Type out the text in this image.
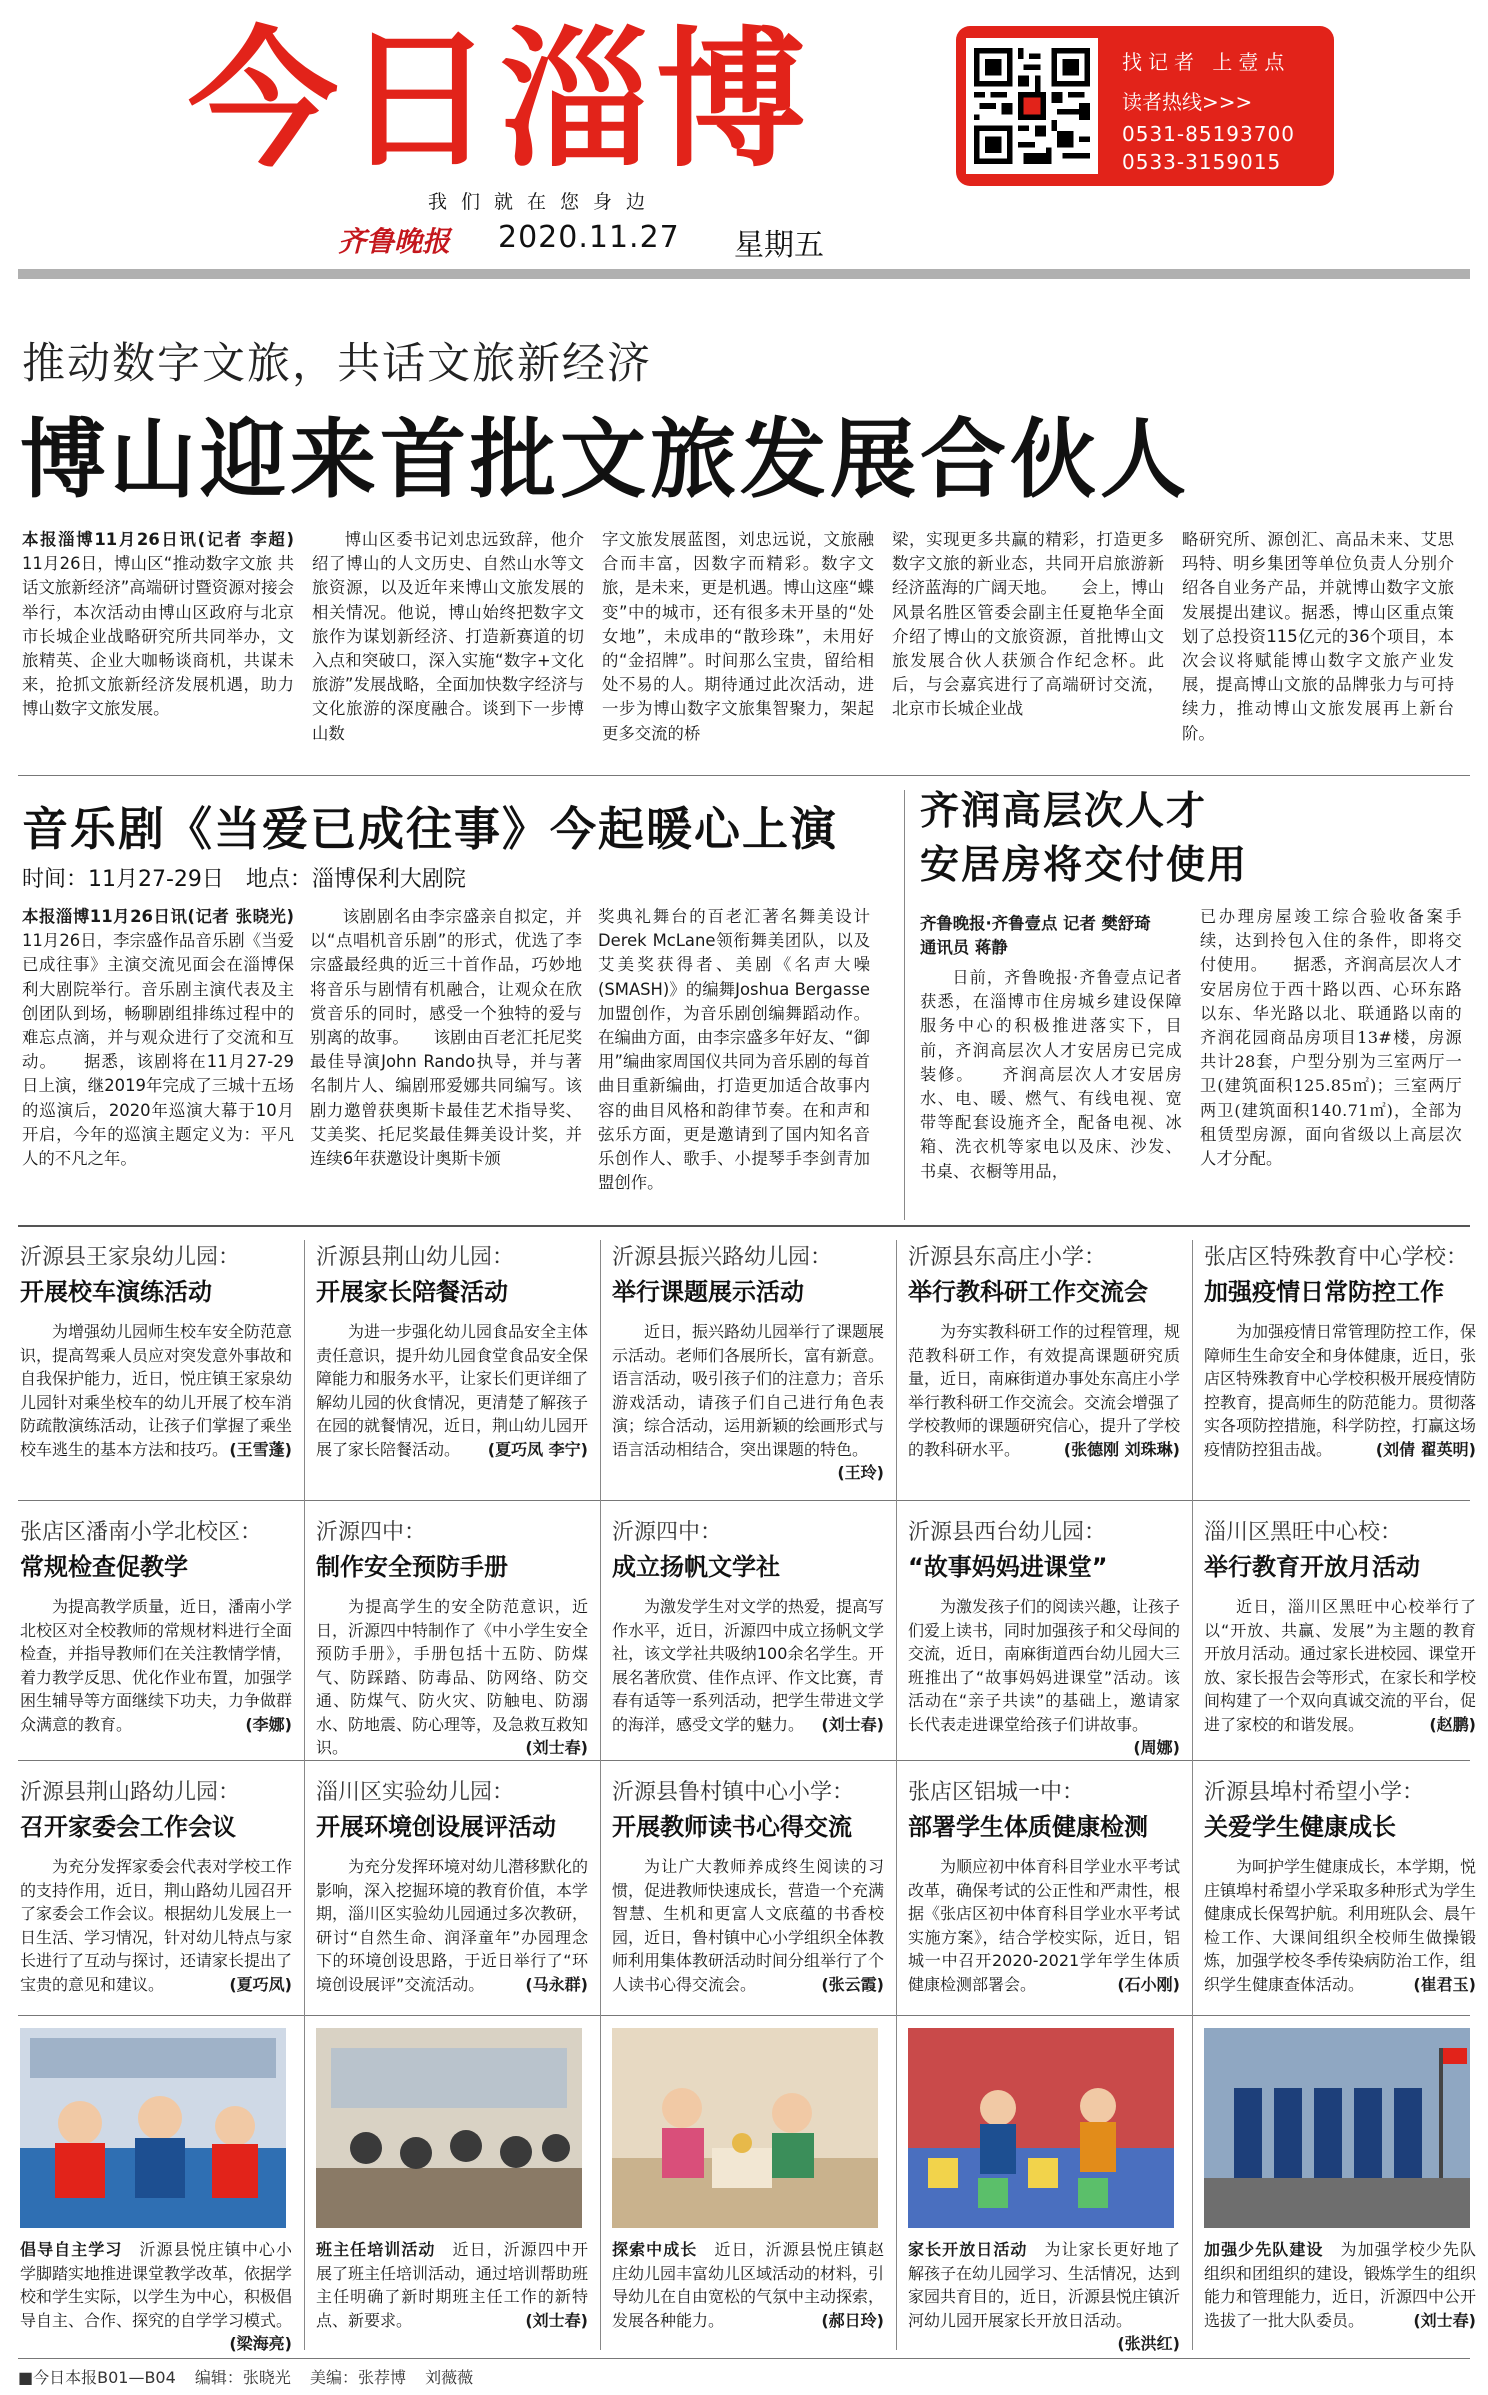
今日淄博
我们就在您身边
齐鲁晚报 2020.11.27 星期五
找记者 上壹点
读者热线>>>
0531-85193700
0533-3159015
推动数字文旅，共话文旅新经济
博山迎来首批文旅发展合伙人
本报淄博11月26日讯(记者 李超) 11月26日，博山区“推动数字文旅 共话文旅新经济”高端研讨暨资源对接会举行，本次活动由博山区政府与北京市长城企业战略研究所共同举办，文旅精英、企业大咖畅谈商机，共谋未来，抢抓文旅新经济发展机遇，助力博山数字文旅发展。
博山区委书记刘忠远致辞，他介绍了博山的人文历史、自然山水等文旅资源，以及近年来博山文旅发展的相关情况。他说，博山始终把数字文旅作为谋划新经济、打造新赛道的切入点和突破口，深入实施“数字+文化旅游”发展战略，全面加快数字经济与文化旅游的深度融合。谈到下一步博山数
字文旅发展蓝图，刘忠远说，文旅融合而丰富，因数字而精彩。数字文旅，是未来，更是机遇。博山这座“蝶变”中的城市，还有很多未开垦的“处女地”，未成串的“散珍珠”，未用好的“金招牌”。时间那么宝贵，留给相处不易的人。期待通过此次活动，进一步为博山数字文旅集智聚力，架起更多交流的桥
梁，实现更多共赢的精彩，打造更多数字文旅的新业态，共同开启旅游新经济蓝海的广阔天地。　　会上，博山风景名胜区管委会副主任夏艳华全面介绍了博山的文旅资源，首批博山文旅发展合伙人获颁合作纪念杯。此后，与会嘉宾进行了高端研讨交流，北京市长城企业战
略研究所、源创汇、高品未来、艾思玛特、明乡集团等单位负责人分别介绍各自业务产品，并就博山数字文旅发展提出建议。据悉，博山区重点策划了总投资115亿元的36个项目，本次会议将赋能博山数字文旅产业发展，提高博山文旅的品牌张力与可持续力，推动博山文旅发展再上新台阶。
音乐剧《当爱已成往事》今起暖心上演
时间：11月27-29日　地点：淄博保利大剧院
本报淄博11月26日讯(记者 张晓光) 11月26日，李宗盛作品音乐剧《当爱已成往事》主演交流见面会在淄博保利大剧院举行。音乐剧主演代表及主创团队到场，畅聊剧组排练过程中的难忘点滴，并与观众进行了交流和互动。　　据悉，该剧将在11月27-29日上演，继2019年完成了三城十五场的巡演后，2020年巡演大幕于10月开启，今年的巡演主题定义为：平凡人的不凡之年。
该剧剧名由李宗盛亲自拟定，并以“点唱机音乐剧”的形式，优选了李宗盛最经典的近三十首作品，巧妙地将音乐与剧情有机融合，让观众在欣赏音乐的同时，感受一个独特的爱与别离的故事。　　该剧由百老汇托尼奖最佳导演John Rando执导，并与著名制片人、编剧邢爱娜共同编写。该剧力邀曾获奥斯卡最佳艺术指导奖、艾美奖、托尼奖最佳舞美设计奖，并连续6年获邀设计奥斯卡颁
奖典礼舞台的百老汇著名舞美设计Derek McLane领衔舞美团队，以及艾美奖获得者、美剧《名声大噪(SMASH)》的编舞Joshua Bergasse加盟创作，为音乐剧创编舞蹈动作。在编曲方面，由李宗盛多年好友、“御用”编曲家周国仪共同为音乐剧的每首曲目重新编曲，打造更加适合故事内容的曲目风格和韵律节奏。在和声和弦乐方面，更是邀请到了国内知名音乐创作人、歌手、小提琴手李剑青加盟创作。
齐润高层次人才
安居房将交付使用
齐鲁晚报·齐鲁壹点 记者 樊舒琦 通讯员 蒋静
日前，齐鲁晚报·齐鲁壹点记者获悉，在淄博市住房城乡建设保障服务中心的积极推进落实下，目前，齐润高层次人才安居房已完成装修。　　齐润高层次人才安居房水、电、暖、燃气、有线电视、宽带等配套设施齐全，配备电视、冰箱、洗衣机等家电以及床、沙发、书桌、衣橱等用品，
已办理房屋竣工综合验收备案手续，达到拎包入住的条件，即将交付使用。　　据悉，齐润高层次人才安居房位于西十路以西、心环东路以东、华光路以北、联通路以南的齐润花园商品房项目13#楼，房源共计28套，户型分别为三室两厅一卫(建筑面积125.85㎡)；三室两厅两卫(建筑面积140.71㎡)，全部为租赁型房源，面向省级以上高层次人才分配。
沂源县王家泉幼儿园：
开展校车演练活动
为增强幼儿园师生校车安全防范意识，提高驾乘人员应对突发意外事故和自我保护能力，近日，悦庄镇王家泉幼儿园针对乘坐校车的幼儿开展了校车消防疏散演练活动，让孩子们掌握了乘坐校车逃生的基本方法和技巧。 (王雪蓬)
沂源县荆山幼儿园：
开展家长陪餐活动
为进一步强化幼儿园食品安全主体责任意识，提升幼儿园食堂食品安全保障能力和服务水平，让家长们更详细了解幼儿园的伙食情况，更清楚了解孩子在园的就餐情况，近日，荆山幼儿园开展了家长陪餐活动。 (夏巧凤 李宁)
沂源县振兴路幼儿园：
举行课题展示活动
近日，振兴路幼儿园举行了课题展示活动。老师们各展所长，富有新意。语言活动，吸引孩子们的注意力；音乐游戏活动，请孩子们自己进行角色表演；综合活动，运用新颖的绘画形式与语言活动相结合，突出课题的特色。
(王玲)
沂源县东高庄小学：
举行教科研工作交流会
为夯实教科研工作的过程管理，规范教科研工作，有效提高课题研究质量，近日，南麻街道办事处东高庄小学举行教科研工作交流会。交流会增强了学校教师的课题研究信心，提升了学校的教科研水平。	(张德刚 刘珠琳)
张店区特殊教育中心学校：
加强疫情日常防控工作
为加强疫情日常管理防控工作，保障师生生命安全和身体健康，近日，张店区特殊教育中心学校积极开展疫情防控教育，提高师生的防范能力。贯彻落实各项防控措施，科学防控，打赢这场疫情防控狙击战。	(刘倩 翟英明)
张店区潘南小学北校区：
常规检查促教学
为提高教学质量，近日，潘南小学北校区对全校教师的常规材料进行全面检查，并指导教师们在关注教情学情，着力教学反思、优化作业布置，加强学困生辅导等方面继续下功夫，力争做群众满意的教育。	(李娜)
沂源四中：
制作安全预防手册
为提高学生的安全防范意识，近日，沂源四中特制作了《中小学生安全预防手册》，手册包括十五防、防煤气、防踩踏、防毒品、防网络、防交通、防煤气、防火灾、防触电、防溺水、防地震、防心理等，及急救互救知识。	(刘士春)
沂源四中：
成立扬帆文学社
为激发学生对文学的热爱，提高写作水平，近日，沂源四中成立扬帆文学社，该文学社共吸纳100余名学生。开展名著欣赏、佳作点评、作文比赛，青春有适等一系列活动，把学生带进文学的海洋，感受文学的魅力。 (刘士春)
沂源县西台幼儿园：
“故事妈妈进课堂”
为激发孩子们的阅读兴趣，让孩子们爱上读书，同时加强孩子和父母间的交流，近日，南麻街道西台幼儿园大三班推出了“故事妈妈进课堂”活动。该活动在“亲子共读”的基础上，邀请家长代表走进课堂给孩子们讲故事。
(周娜)
淄川区黑旺中心校：
举行教育开放月活动
近日，淄川区黑旺中心校举行了以“开放、共赢、发展”为主题的教育开放月活动。通过家长进校园、课堂开放、家长报告会等形式，在家长和学校间构建了一个双向真诚交流的平台，促进了家校的和谐发展。	(赵鹏)
沂源县荆山路幼儿园：
召开家委会工作会议
为充分发挥家委会代表对学校工作的支持作用，近日，荆山路幼儿园召开了家委会工作会议。根据幼儿发展上一日生活、学习情况，针对幼儿特点与家长进行了互动与探讨，还请家长提出了宝贵的意见和建议。	(夏巧凤)
淄川区实验幼儿园：
开展环境创设展评活动
为充分发挥环境对幼儿潜移默化的影响，深入挖掘环境的教育价值，本学期，淄川区实验幼儿园通过多次教研，研讨“自然生命、润泽童年”办园理念下的环境创设思路，于近日举行了“环境创设展评”交流活动。	(马永群)
沂源县鲁村镇中心小学：
开展教师读书心得交流
为让广大教师养成终生阅读的习惯，促进教师快速成长，营造一个充满智慧、生机和更富人文底蕴的书香校园，近日，鲁村镇中心小学组织全体教师利用集体教研活动时间分组举行了个人读书心得交流会。	(张云霞)
张店区铝城一中：
部署学生体质健康检测
为顺应初中体育科目学业水平考试改革，确保考试的公正性和严肃性，根据《张店区初中体育科目学业水平考试实施方案》，结合学校实际，近日，铝城一中召开2020-2021学年学生体质健康检测部署会。	(石小刚)
沂源县埠村希望小学：
关爱学生健康成长
为呵护学生健康成长，本学期，悦庄镇埠村希望小学采取多种形式为学生健康成长保驾护航。利用班队会、晨午检工作、大课间组织全校师生做操锻炼，加强学校冬季传染病防治工作，组织学生健康查体活动。	(崔君玉)
倡导自主学习　 沂源县悦庄镇中心小学脚踏实地推进课堂教学改革，依据学校和学生实际，以学生为中心，积极倡导自主、合作、探究的自学学习模式。
(梁海亮)
班主任培训活动　 近日，沂源四中开展了班主任培训活动，通过培训帮助班主任明确了新时期班主任工作的新特点、新要求。	(刘士春)
探索中成长　 近日，沂源县悦庄镇赵庄幼儿园丰富幼儿区域活动的材料，引导幼儿在自由宽松的气氛中主动探索，发展各种能力。	(郝日玲)
家长开放日活动　 为让家长更好地了解孩子在幼儿园学习、生活情况，达到家园共育目的，近日，沂源县悦庄镇沂河幼儿园开展家长开放日活动。
(张洪红)
加强少先队建设　 为加强学校少先队组织和团组织的建设，锻炼学生的组织能力和管理能力，近日，沂源四中公开选拔了一批大队委员。	(刘士春)
■今日本报B01—B04 编辑：张晓光 美编：张荐博 刘薇薇
